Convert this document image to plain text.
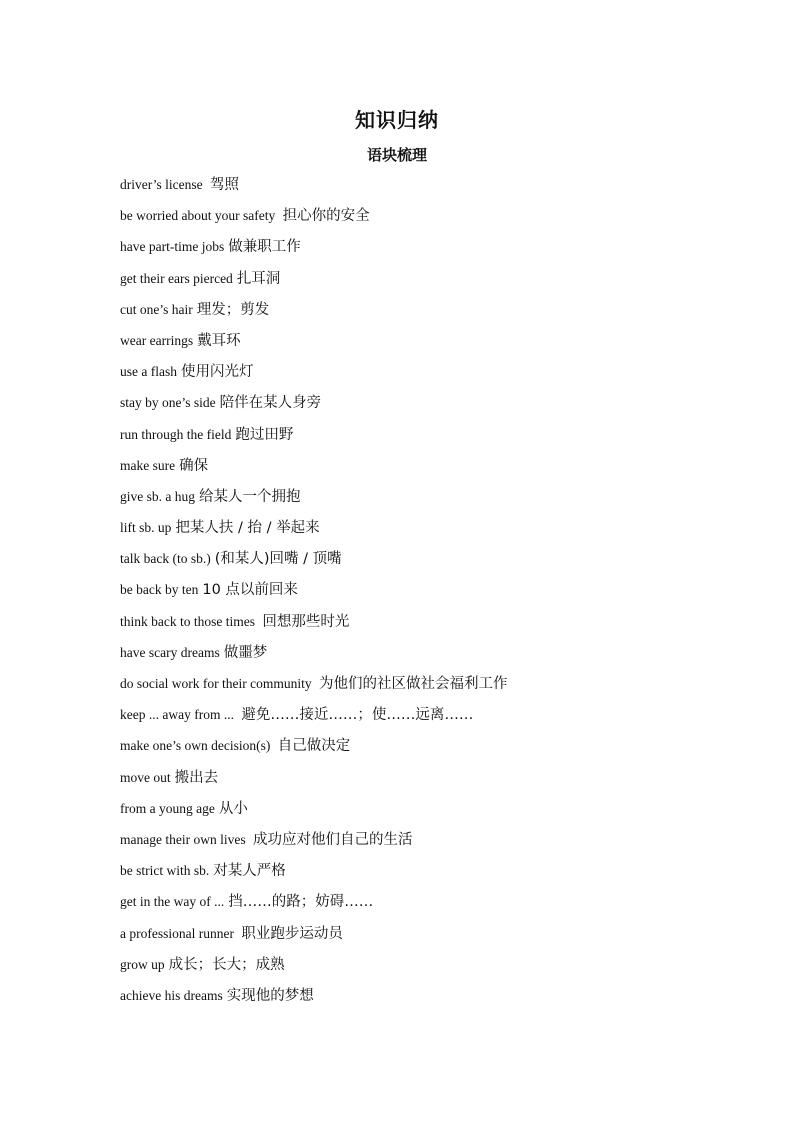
知识归纳
语块梳理
driver’s license 驾照
be worried about your safety 担心你的安全
have part-time jobs 做兼职工作
get their ears pierced 扎耳洞
cut one’s hair 理发；剪发
wear earrings 戴耳环
use a flash 使用闪光灯
stay by one’s side 陪伴在某人身旁
run through the field 跑过田野
make sure 确保
give sb. a hug 给某人一个拥抱
lift sb. up 把某人扶 / 抬 / 举起来
talk back (to sb.) (和某人)回嘴 / 顶嘴
be back by ten 10 点以前回来
think back to those times 回想那些时光
have scary dreams 做噩梦
do social work for their community 为他们的社区做社会福利工作
keep ... away from ... 避免……接近……；使……远离……
make one’s own decision(s) 自己做决定
move out 搬出去
from a young age 从小
manage their own lives 成功应对他们自己的生活
be strict with sb. 对某人严格
get in the way of ... 挡……的路；妨碍……
a professional runner 职业跑步运动员
grow up 成长；长大；成熟
achieve his dreams 实现他的梦想
